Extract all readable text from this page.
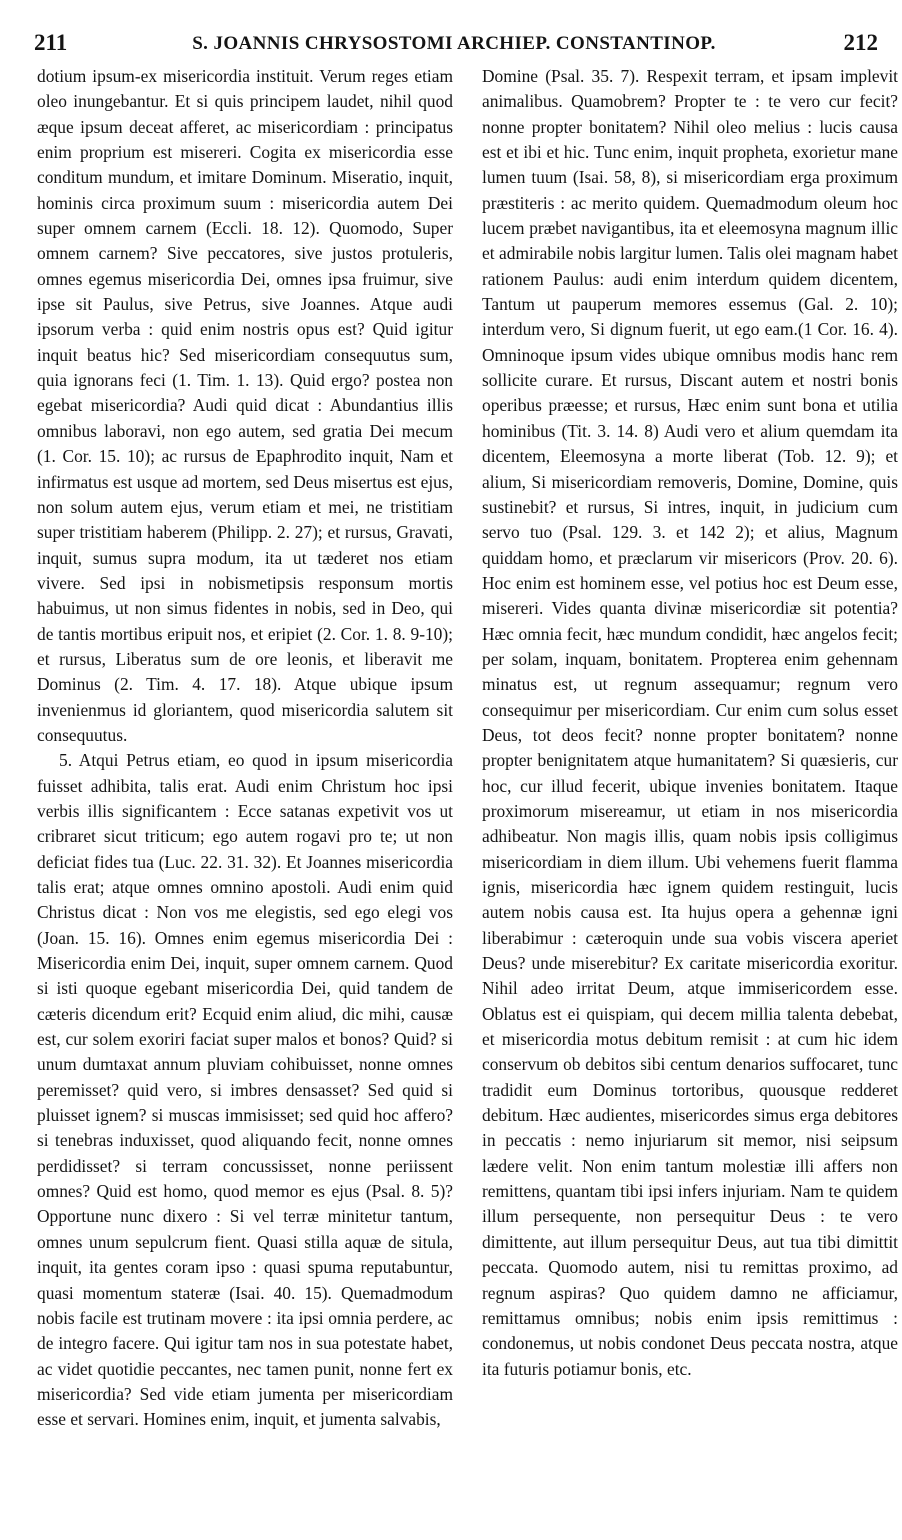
211	S. JOANNIS CHRYSOSTOMI ARCHIEP. CONSTANTINOP.	212

dotium ipsum-ex misericordia instituit. Verum reges etiam oleo inungebantur. Et si quis principem laudet, nihil quod æque ipsum deceat afferet, ac misericordiam : principatus enim proprium est misereri. Cogita ex misericordia esse conditum mundum, et imitare Dominum. Miseratio, inquit, hominis circa proximum suum : misericordia autem Dei super omnem carnem (Eccli. 18. 12). Quomodo, Super omnem carnem? Sive peccatores, sive justos protuleris, omnes egemus misericordia Dei, omnes ipsa fruimur, sive ipse sit Paulus, sive Petrus, sive Joannes. Atque audi ipsorum verba : quid enim nostris opus est? Quid igitur inquit beatus hic? Sed misericordiam consequutus sum, quia ignorans feci (1. Tim. 1. 13). Quid ergo? postea non egebat misericordia? Audi quid dicat : Abundantius illis omnibus laboravi, non ego autem, sed gratia Dei mecum (1. Cor. 15. 10); ac rursus de Epaphrodito inquit, Nam et infirmatus est usque ad mortem, sed Deus misertus est ejus, non solum autem ejus, verum etiam et mei, ne tristitiam super tristitiam haberem (Philipp. 2. 27); et rursus, Gravati, inquit, sumus supra modum, ita ut tæderet nos etiam vivere. Sed ipsi in nobismetipsis responsum mortis habuimus, ut non simus fidentes in nobis, sed in Deo, qui de tantis mortibus eripuit nos, et eripiet (2. Cor. 1. 8. 9-10); et rursus, Liberatus sum de ore leonis, et liberavit me Dominus (2. Tim. 4. 17. 18). Atque ubique ipsum invenienmus id gloriantem, quod misericordia salutem sit consequutus.

5. Atqui Petrus etiam, eo quod in ipsum misericordia fuisset adhibita, talis erat. Audi enim Christum hoc ipsi verbis illis significantem : Ecce satanas expetivit vos ut cribraret sicut triticum; ego autem rogavi pro te; ut non deficiat fides tua (Luc. 22. 31. 32). Et Joannes misericordia talis erat; atque omnes omnino apostoli. Audi enim quid Christus dicat : Non vos me elegistis, sed ego elegi vos (Joan. 15. 16). Omnes enim egemus misericordia Dei : Misericordia enim Dei, inquit, super omnem carnem. Quod si isti quoque egebant misericordia Dei, quid tandem de cæteris dicendum erit? Ecquid enim aliud, dic mihi, causæ est, cur solem exoriri faciat super malos et bonos? Quid? si unum dumtaxat annum pluviam cohibuisset, nonne omnes peremisset? quid vero, si imbres densasset? Sed quid si pluisset ignem? si muscas immisisset; sed quid hoc affero? si tenebras induxisset, quod aliquando fecit, nonne omnes perdidisset? si terram concussisset, nonne periissent omnes? Quid est homo, quod memor es ejus (Psal. 8. 5)? Opportune nunc dixero : Si vel terræ minitetur tantum, omnes unum sepulcrum fient. Quasi stilla aquæ de situla, inquit, ita gentes coram ipso : quasi spuma reputabuntur, quasi momentum stateræ (Isai. 40. 15). Quemadmodum nobis facile est trutinam movere : ita ipsi omnia perdere, ac de integro facere. Qui igitur tam nos in sua potestate habet, ac videt quotidie peccantes, nec tamen punit, nonne fert ex misericordia? Sed vide etiam jumenta per misericordiam esse et servari. Homines enim, inquit, et jumenta salvabis,

Domine (Psal. 35. 7). Respexit terram, et ipsam implevit animalibus. Quamobrem? Propter te : te vero cur fecit? nonne propter bonitatem? Nihil oleo melius : lucis causa est et ibi et hic. Tunc enim, inquit propheta, exorietur mane lumen tuum (Isai. 58, 8), si misericordiam erga proximum præstiteris : ac merito quidem. Quemadmodum oleum hoc lucem præbet navigantibus, ita et eleemosyna magnum illic et admirabile nobis largitur lumen. Talis olei magnam habet rationem Paulus: audi enim interdum quidem dicentem, Tantum ut pauperum memores essemus (Gal. 2. 10); interdum vero, Si dignum fuerit, ut ego eam.(1 Cor. 16. 4). Omninoque ipsum vides ubique omnibus modis hanc rem sollicite curare. Et rursus, Discant autem et nostri bonis operibus præesse; et rursus, Hæc enim sunt bona et utilia hominibus (Tit. 3. 14. 8) Audi vero et alium quemdam ita dicentem, Eleemosyna a morte liberat (Tob. 12. 9); et alium, Si misericordiam removeris, Domine, Domine, quis sustinebit? et rursus, Si intres, inquit, in judicium cum servo tuo (Psal. 129. 3. et 142 2); et alius, Magnum quiddam homo, et præclarum vir misericors (Prov. 20. 6). Hoc enim est hominem esse, vel potius hoc est Deum esse, misereri. Vides quanta divinæ misericordiæ sit potentia? Hæc omnia fecit, hæc mundum condidit, hæc angelos fecit; per solam, inquam, bonitatem. Propterea enim gehennam minatus est, ut regnum assequamur; regnum vero consequimur per misericordiam. Cur enim cum solus esset Deus, tot deos fecit? nonne propter bonitatem? nonne propter benignitatem atque humanitatem? Si quæsieris, cur hoc, cur illud fecerit, ubique invenies bonitatem. Itaque proximorum misereamur, ut etiam in nos misericordia adhibeatur. Non magis illis, quam nobis ipsis colligimus misericordiam in diem illum. Ubi vehemens fuerit flamma ignis, misericordia hæc ignem quidem restinguit, lucis autem nobis causa est. Ita hujus opera a gehennæ igni liberabimur : cæteroquin unde sua vobis viscera aperiet Deus? unde miserebitur? Ex caritate misericordia exoritur. Nihil adeo irritat Deum, atque immisericordem esse. Oblatus est ei quispiam, qui decem millia talenta debebat, et misericordia motus debitum remisit : at cum hic idem conservum ob debitos sibi centum denarios suffocaret, tunc tradidit eum Dominus tortoribus, quousque redderet debitum. Hæc audientes, misericordes simus erga debitores in peccatis : nemo injuriarum sit memor, nisi seipsum lædere velit. Non enim tantum molestiæ illi affers non remittens, quantam tibi ipsi infers injuriam. Nam te quidem illum persequente, non persequitur Deus : te vero dimittente, aut illum persequitur Deus, aut tua tibi dimittit peccata. Quomodo autem, nisi tu remittas proximo, ad regnum aspiras? Quo quidem damno ne afficiamur, remittamus omnibus; nobis enim ipsis remittimus : condonemus, ut nobis condonet Deus peccata nostra, atque ita futuris potiamur bonis, etc.
